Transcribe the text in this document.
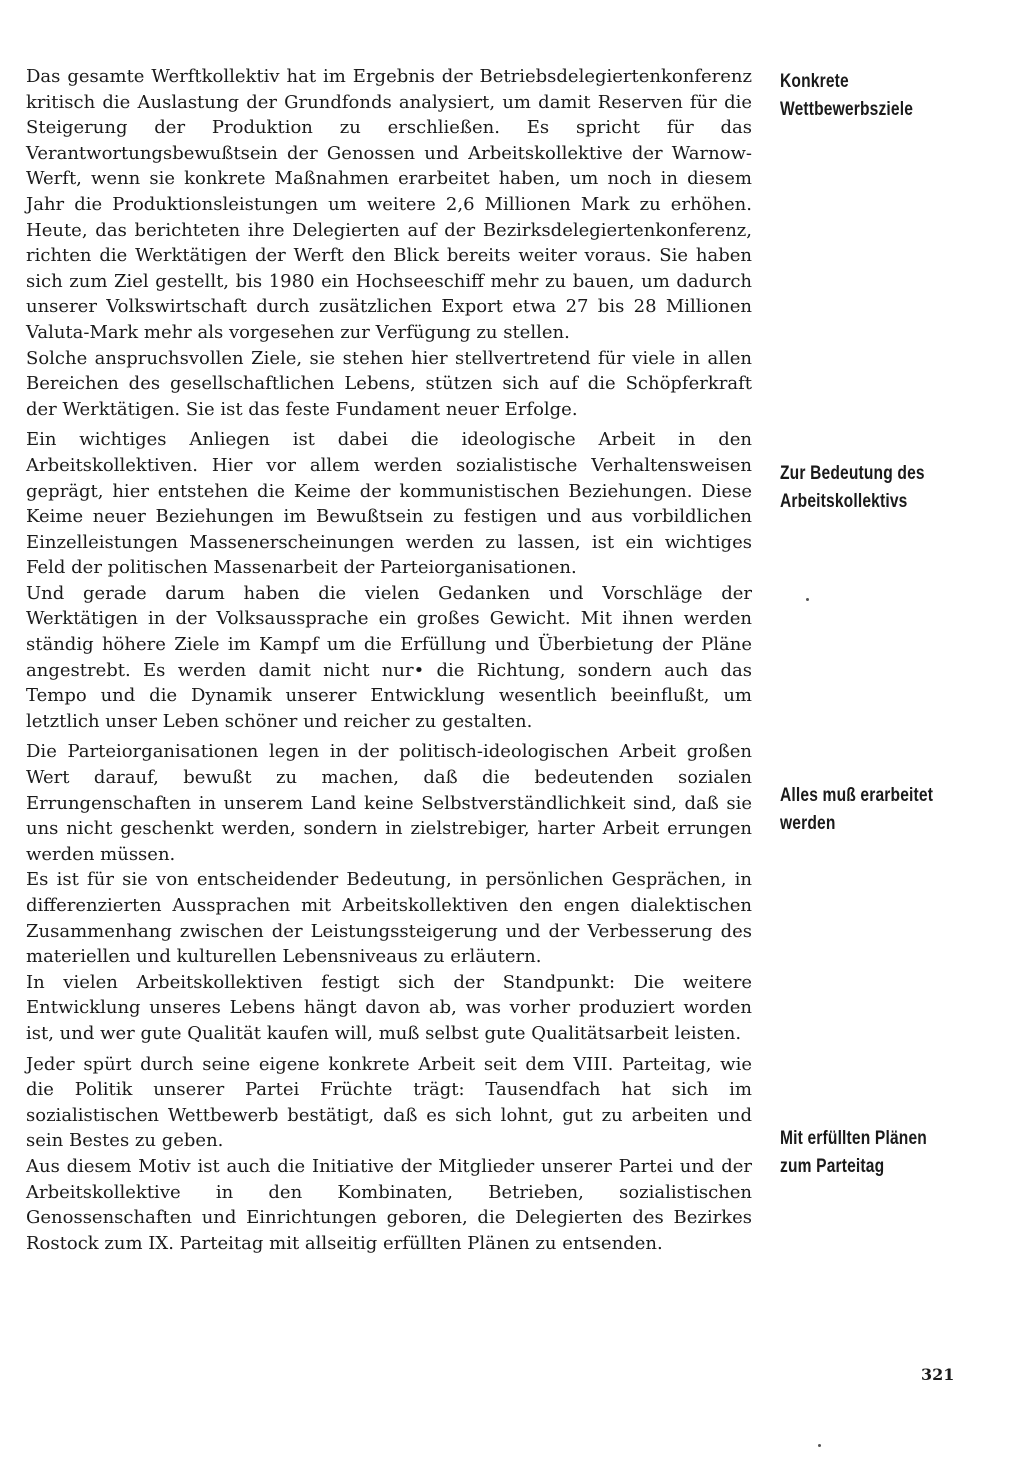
Das gesamte Werftkollektiv hat im Ergebnis der Betriebsdelegiertenkonferenz kritisch die Auslastung der Grundfonds analysiert, um damit Reserven für die Steigerung der Produktion zu erschließen. Es spricht für das Verantwortungsbewußtsein der Genossen und Arbeitskollektive der Warnow-Werft, wenn sie konkrete Maßnahmen erarbeitet haben, um noch in diesem Jahr die Produktionsleistungen um weitere 2,6 Millionen Mark zu erhöhen. Heute, das berichteten ihre Delegierten auf der Bezirksdelegiertenkonferenz, richten die Werktätigen der Werft den Blick bereits weiter voraus. Sie haben sich zum Ziel gestellt, bis 1980 ein Hochseeschiff mehr zu bauen, um dadurch unserer Volkswirtschaft durch zusätzlichen Export etwa 27 bis 28 Millionen Valuta-Mark mehr als vorgesehen zur Verfügung zu stellen.

Solche anspruchsvollen Ziele, sie stehen hier stellvertretend für viele in allen Bereichen des gesellschaftlichen Lebens, stützen sich auf die Schöpferkraft der Werktätigen. Sie ist das feste Fundament neuer Erfolge.

Ein wichtiges Anliegen ist dabei die ideologische Arbeit in den Arbeitskollektiven. Hier vor allem werden sozialistische Verhaltensweisen geprägt, hier entstehen die Keime der kommunistischen Beziehungen. Diese Keime neuer Beziehungen im Bewußtsein zu festigen und aus vorbildlichen Einzelleistungen Massenerscheinungen werden zu lassen, ist ein wichtiges Feld der politischen Massenarbeit der Parteiorganisationen.

Und gerade darum haben die vielen Gedanken und Vorschläge der Werktätigen in der Volksaussprache ein großes Gewicht. Mit ihnen werden ständig höhere Ziele im Kampf um die Erfüllung und Überbietung der Pläne angestrebt. Es werden damit nicht nur• die Richtung, sondern auch das Tempo und die Dynamik unserer Entwicklung wesentlich beeinflußt, um letztlich unser Leben schöner und reicher zu gestalten.

Die Parteiorganisationen legen in der politisch-ideologischen Arbeit großen Wert darauf, bewußt zu machen, daß die bedeutenden sozialen Errungenschaften in unserem Land keine Selbstverständlichkeit sind, daß sie uns nicht geschenkt werden, sondern in zielstrebiger, harter Arbeit errungen werden müssen.

Es ist für sie von entscheidender Bedeutung, in persönlichen Gesprächen, in differenzierten Aussprachen mit Arbeitskollektiven den engen dialektischen Zusammenhang zwischen der Leistungssteigerung und der Verbesserung des materiellen und kulturellen Lebensniveaus zu erläutern.

In vielen Arbeitskollektiven festigt sich der Standpunkt: Die weitere Entwicklung unseres Lebens hängt davon ab, was vorher produziert worden ist, und wer gute Qualität kaufen will, muß selbst gute Qualitätsarbeit leisten.

Jeder spürt durch seine eigene konkrete Arbeit seit dem VIII. Parteitag, wie die Politik unserer Partei Früchte trägt: Tausendfach hat sich im sozialistischen Wettbewerb bestätigt, daß es sich lohnt, gut zu arbeiten und sein Bestes zu geben.

Aus diesem Motiv ist auch die Initiative der Mitglieder unserer Partei und der Arbeitskollektive in den Kombinaten, Betrieben, sozialistischen Genossenschaften und Einrichtungen geboren, die Delegierten des Bezirkes Rostock zum IX. Parteitag mit allseitig erfüllten Plänen zu entsenden.

Konkrete
Wettbewerbsziele
Zur Bedeutung des
Arbeitskollektivs
Alles muß erarbeitet
werden
Mit erfüllten Plänen
zum Parteitag
321
